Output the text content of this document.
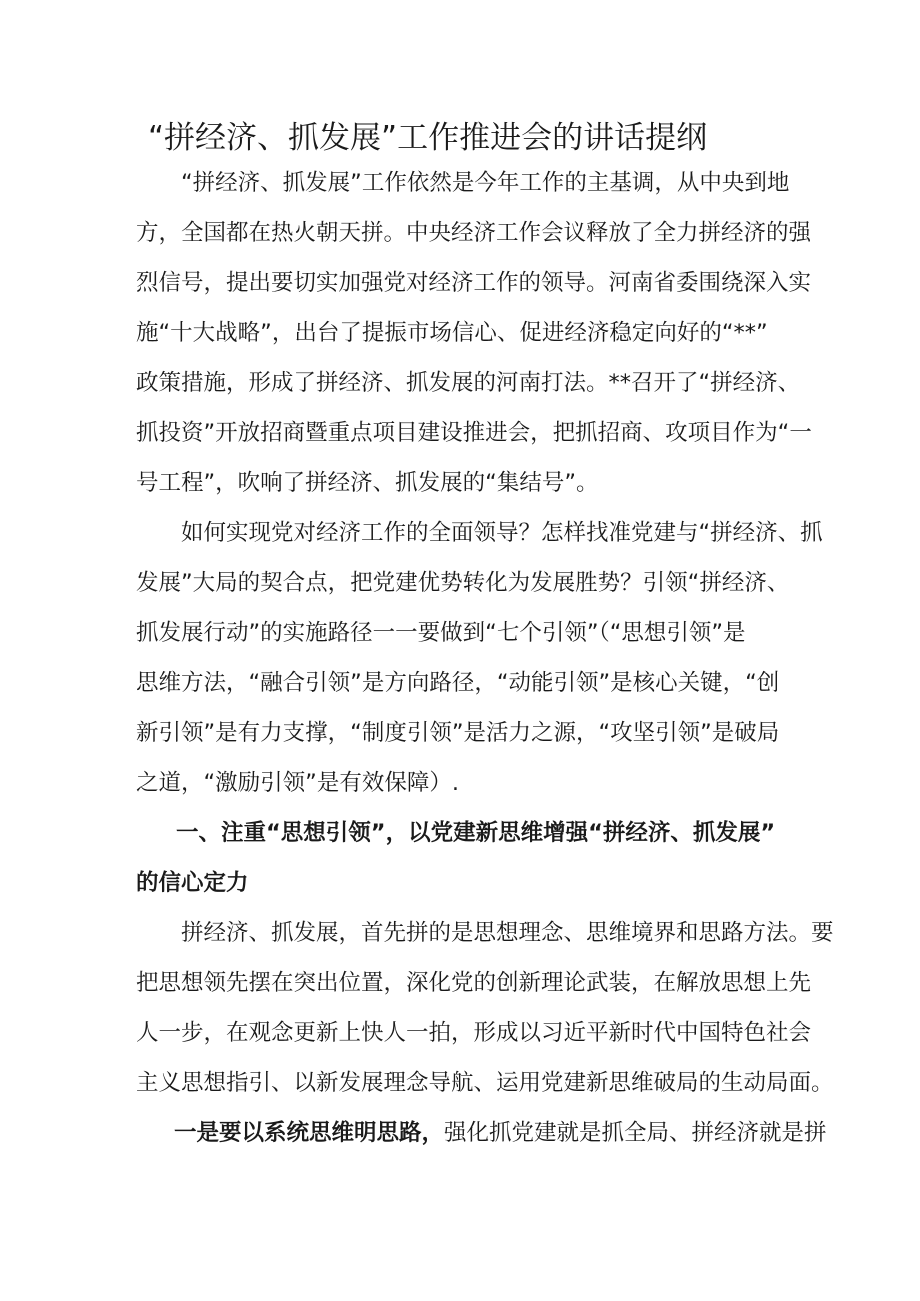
“拼经济、抓发展”工作推进会的讲话提纲
“拼经济、抓发展”工作依然是今年工作的主基调，从中央到地
方，全国都在热火朝天拼。中央经济工作会议释放了全力拼经济的强
烈信号，提出要切实加强党对经济工作的领导。河南省委围绕深入实
施“十大战略”，出台了提振市场信心、促进经济稳定向好的“**”
政策措施，形成了拼经济、抓发展的河南打法。**召开了“拼经济、
抓投资”开放招商暨重点项目建设推进会，把抓招商、攻项目作为“一
号工程”，吹响了拼经济、抓发展的“集结号”。
如何实现党对经济工作的全面领导？怎样找准党建与“拼经济、抓
发展”大局的契合点，把党建优势转化为发展胜势？引领“拼经济、
抓发展行动”的实施路径一一要做到“七个引领”（“思想引领”是
思维方法，“融合引领”是方向路径，“动能引领”是核心关键，“创
新引领”是有力支撑，“制度引领”是活力之源，“攻坚引领”是破局
之道，“激励引领”是有效保障）.
一、注重“思想引领”，以党建新思维增强“拼经济、抓发展”
的信心定力
拼经济、抓发展，首先拼的是思想理念、思维境界和思路方法。要
把思想领先摆在突出位置，深化党的创新理论武装，在解放思想上先
人一步，在观念更新上快人一拍，形成以习近平新时代中国特色社会
主义思想指引、以新发展理念导航、运用党建新思维破局的生动局面。
一是要以系统思维明思路，强化抓党建就是抓全局、拼经济就是拼
